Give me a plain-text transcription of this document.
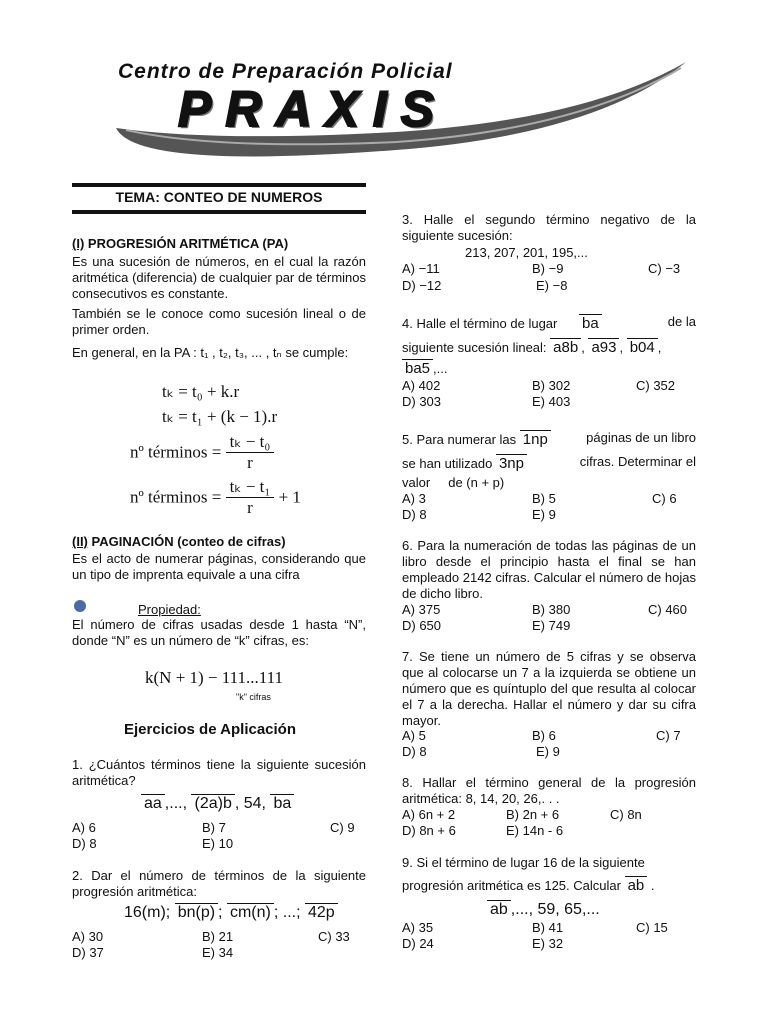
Centro de Preparación Policial
PRAXIS
TEMA: CONTEO DE NUMEROS
(I) PROGRESIÓN ARITMÉTICA (PA)
Es una sucesión de números, en el cual la razón aritmética (diferencia) de cualquier par de términos consecutivos es constante.
También se le conoce como sucesión lineal o de primer orden.
En general, en la PA : t₁ , t₂, t₃, ... , tₙ se cumple:
tₖ = t₀ + k.r
tₖ = t₁ + (k − 1).r
nº términos = $\frac{\text{tₖ − t₀}}{r}$
nº términos = $\frac{\text{tₖ − t₁}}{r} + 1$
(II) PAGINACIÓN (conteo de cifras)
Es el acto de numerar páginas, considerando que un tipo de imprenta equivale a una cifra
Propiedad:
El número de cifras usadas desde 1 hasta “N”, donde “N” es un número de “k” cifras, es:
k(N + 1) − 111...111
"k" cifras
Ejercicios de Aplicación
1. ¿Cuántos términos tiene la siguiente sucesión aritmética?
aa ,..., (2a)b , 54, ba
A) 6	B) 7	C) 9
D) 8	E) 10
2. Dar el número de términos de la siguiente progresión aritmética:
16(m); bn(p) ; cm(n) ; ...; 42p
A) 30	B) 21	C) 33
D) 37	E) 34
3. Halle el segundo término negativo de la siguiente sucesión:
213, 207, 201, 195,...
A) −11	B) −9	C) −3
D) −12	E) −8
4. Halle el término de lugar ba	de la
siguiente sucesión lineal: a8b , a93 , b04 ,
ba5 ,...
A) 402	B) 302	C) 352
D) 303	E) 403
5. Para numerar las 1np	páginas de un libro
se han utilizado 3np	cifras. Determinar el
valor     de (n + p)
A) 3	B) 5	C) 6
D) 8	E) 9
6. Para la numeración de todas las páginas de un libro desde el principio hasta el final se han empleado 2142 cifras. Calcular el número de hojas de dicho libro.
A) 375	B) 380	C) 460
D) 650	E) 749
7. Se tiene un número de 5 cifras y se observa que al colocarse un 7 a la izquierda se obtiene un número que es quíntuplo del que resulta al colocar el 7 a la derecha. Hallar el número y dar su cifra mayor.
A) 5	B) 6	C) 7
D) 8	E) 9
8. Hallar el término general de la progresión aritmética: 8, 14, 20, 26,. . .
A) 6n + 2	B) 2n + 6	C) 8n
D) 8n + 6	E) 14n - 6
9. Si el término de lugar 16 de la siguiente
progresión aritmética es 125. Calcular ab .
ab ,..., 59, 65,...
A) 35	B) 41	C) 15
D) 24	E) 32
